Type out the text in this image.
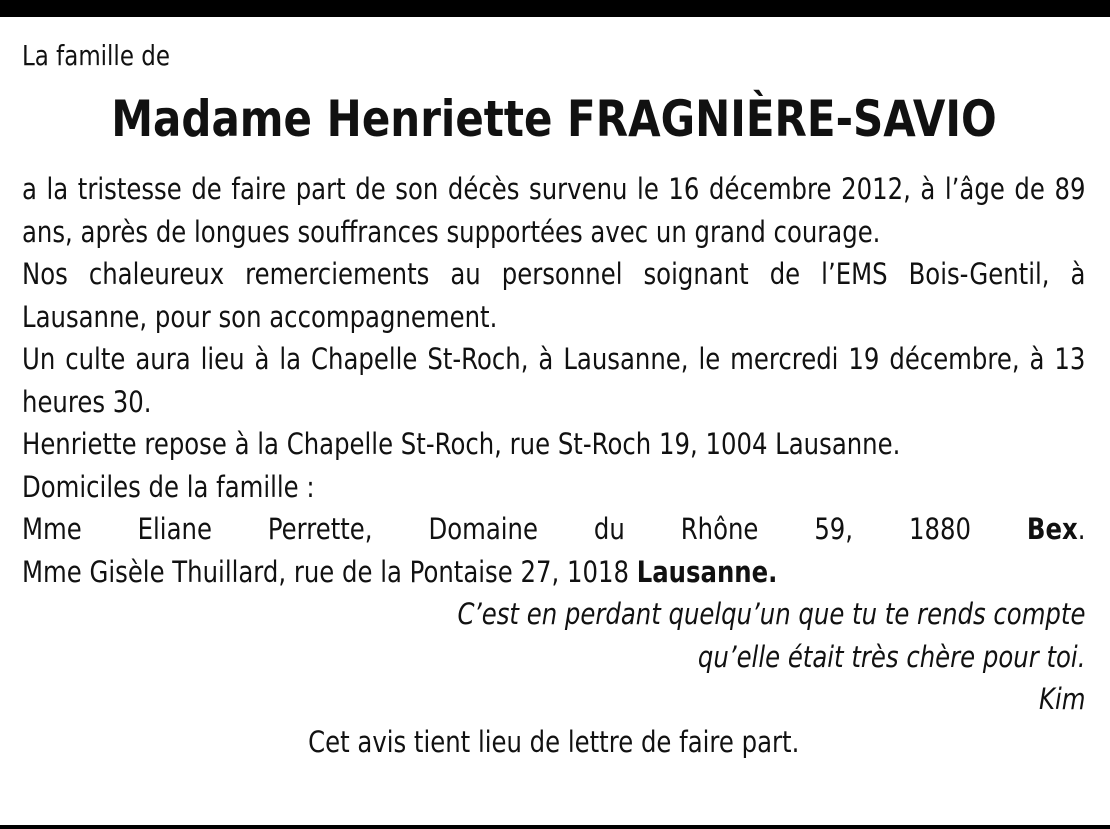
La famille de
Madame Henriette FRAGNIÈRE-SAVIO
a la tristesse de faire part de son décès survenu le 16 décembre 2012, à l’âge de 89 ans, après de longues souffrances supportées avec un grand courage.
Nos chaleureux remerciements au personnel soignant de l’EMS Bois-Gentil, à Lausanne, pour son accompagnement.
Un culte aura lieu à la Chapelle St-Roch, à Lausanne, le mercredi 19 décembre, à 13 heures 30.
Henriette repose à la Chapelle St-Roch, rue St-Roch 19, 1004 Lausanne.
Domiciles de la famille :
Mme Eliane Perrette, Domaine du Rhône 59, 1880 Bex.
Mme Gisèle Thuillard, rue de la Pontaise 27, 1018 Lausanne.
C’est en perdant quelqu’un que tu te rends compte
qu’elle était très chère pour toi.
Kim
Cet avis tient lieu de lettre de faire part.
